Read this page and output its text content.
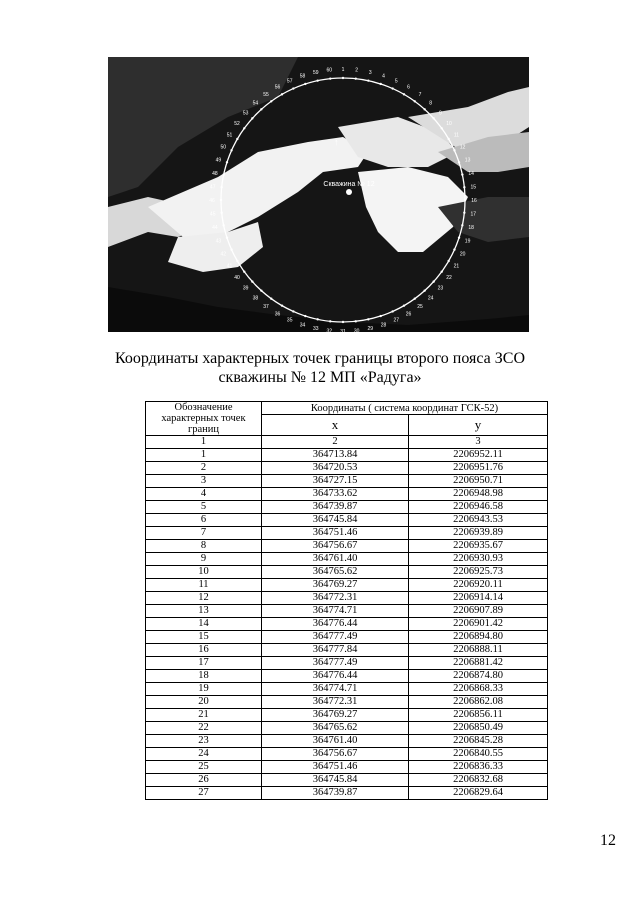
1 2 3
4
5
6
7
8
9
10
11
12
13
14
15
16
17
18
19
20
21
22
23
24
25
26
27
28
29
30
31
32
33
34
35
36
37
38
39
40
41
42
43
44
45
46
47
48
49
50
51
52
53
54
55
56
57
58
59 60
Скважина № 12
↑
Координаты характерных точек границы второго пояса ЗСО
скважины № 12 МП «Радуга»
Обозначение характерных точек границ	Координаты ( система координат ГСК-52)	
	x	y
1	2	3
1	364713.84	2206952.11
2	364720.53	2206951.76
3	364727.15	2206950.71
4	364733.62	2206948.98
5	364739.87	2206946.58
6	364745.84	2206943.53
7	364751.46	2206939.89
8	364756.67	2206935.67
9	364761.40	2206930.93
10	364765.62	2206925.73
11	364769.27	2206920.11
12	364772.31	2206914.14
13	364774.71	2206907.89
14	364776.44	2206901.42
15	364777.49	2206894.80
16	364777.84	2206888.11
17	364777.49	2206881.42
18	364776.44	2206874.80
19	364774.71	2206868.33
20	364772.31	2206862.08
21	364769.27	2206856.11
22	364765.62	2206850.49
23	364761.40	2206845.28
24	364756.67	2206840.55
25	364751.46	2206836.33
26	364745.84	2206832.68
27	364739.87	2206829.64
12
